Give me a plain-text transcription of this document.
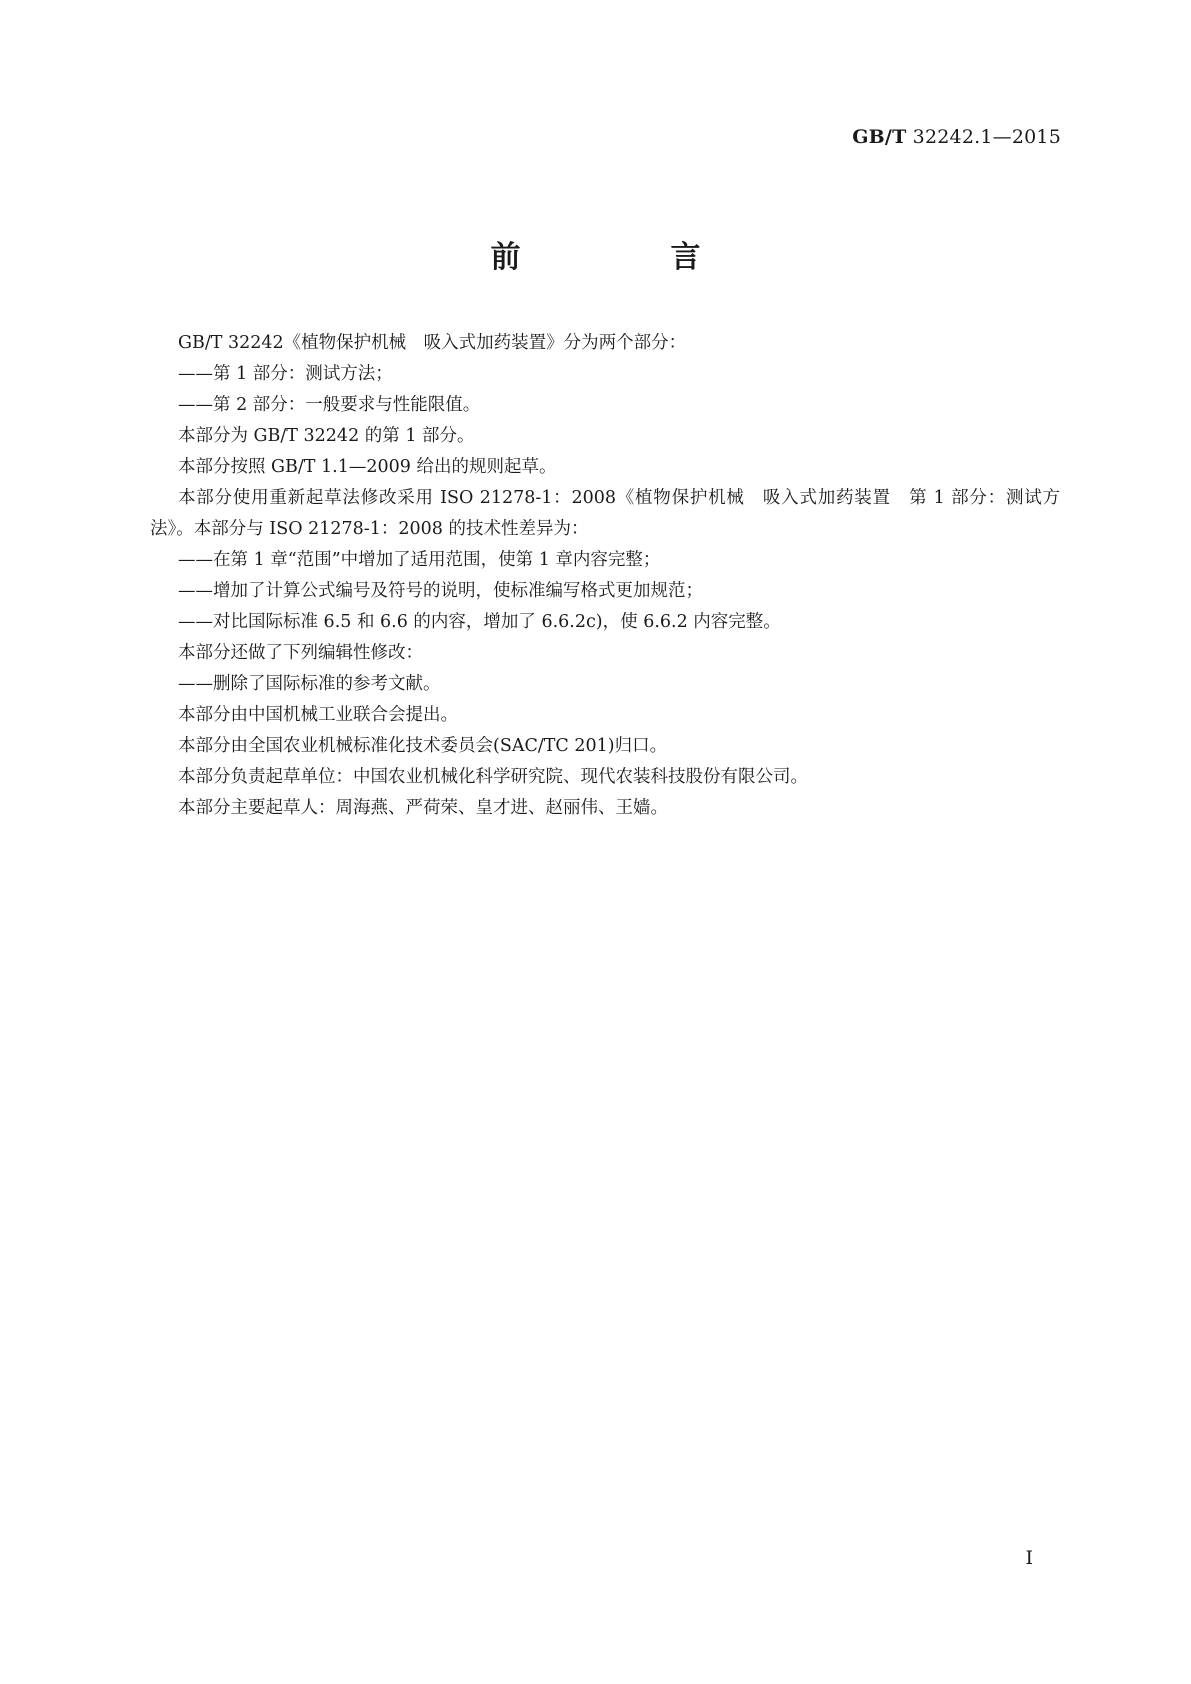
GB/T 32242.1—2015
前　言

GB/T 32242《植物保护机械　吸入式加药装置》分为两个部分：

——第 1 部分：测试方法；

——第 2 部分：一般要求与性能限值。

本部分为 GB/T 32242 的第 1 部分。

本部分按照 GB/T 1.1—2009 给出的规则起草。

本部分使用重新起草法修改采用 ISO 21278-1：2008《植物保护机械　吸入式加药装置　第 1 部分：测试方法》。本部分与 ISO 21278-1：2008 的技术性差异为：

——在第 1 章“范围”中增加了适用范围，使第 1 章内容完整；

——增加了计算公式编号及符号的说明，使标准编写格式更加规范；

——对比国际标准 6.5 和 6.6 的内容，增加了 6.6.2c)，使 6.6.2 内容完整。

本部分还做了下列编辑性修改：

——删除了国际标准的参考文献。

本部分由中国机械工业联合会提出。

本部分由全国农业机械标准化技术委员会(SAC/TC 201)归口。

本部分负责起草单位：中国农业机械化科学研究院、现代农装科技股份有限公司。

本部分主要起草人：周海燕、严荷荣、皇才进、赵丽伟、王嫱。

I
